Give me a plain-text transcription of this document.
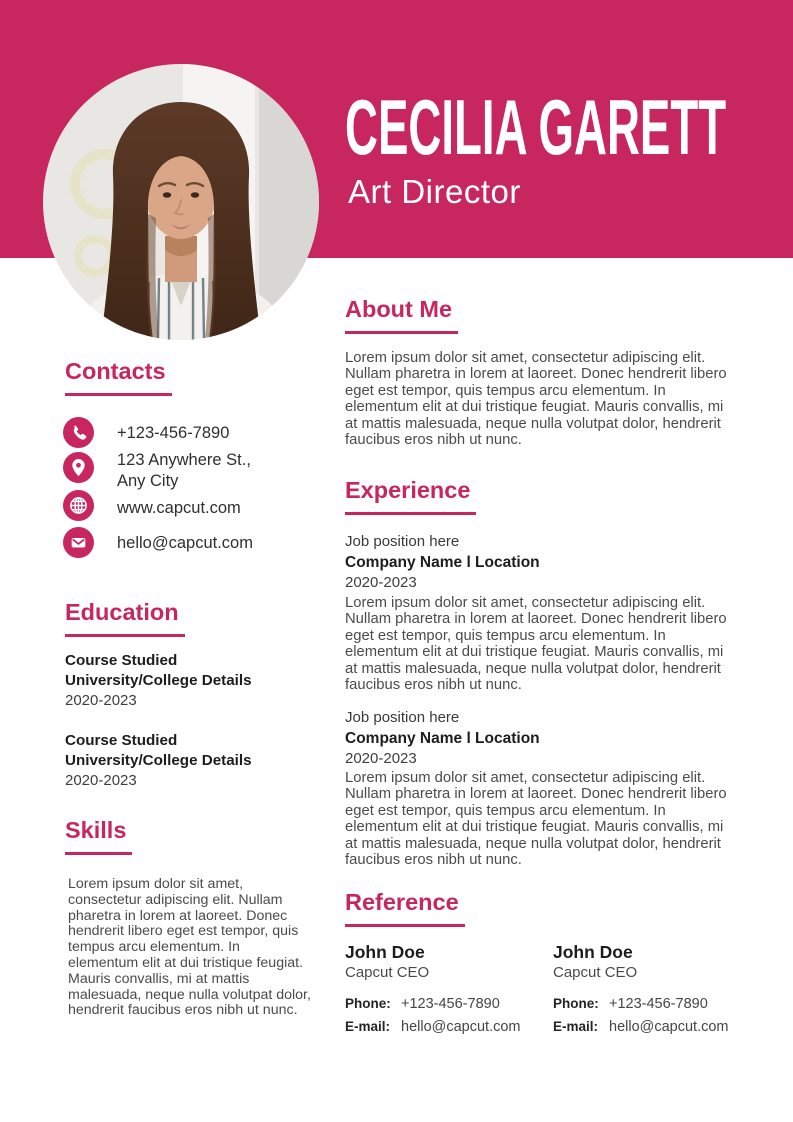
CECILIA GARETT
Art Director
Contacts
+123-456-7890
123 Anywhere St.,
Any City
www.capcut.com
hello@capcut.com
Education
Course Studied
University/College Details
2020-2023
Course Studied
University/College Details
2020-2023
Skills
Lorem ipsum dolor sit amet, consectetur adipiscing elit. Nullam pharetra in lorem at laoreet. Donec hendrerit libero eget est tempor, quis tempus arcu elementum. In elementum elit at dui tristique feugiat. Mauris convallis, mi at mattis malesuada, neque nulla volutpat dolor, hendrerit faucibus eros nibh ut nunc.
About Me
Lorem ipsum dolor sit amet, consectetur adipiscing elit. Nullam pharetra in lorem at laoreet. Donec hendrerit libero eget est tempor, quis tempus arcu elementum. In elementum elit at dui tristique feugiat. Mauris convallis, mi at mattis malesuada, neque nulla volutpat dolor, hendrerit faucibus eros nibh ut nunc.
Experience
Job position here
Company Name l Location
2020-2023
Lorem ipsum dolor sit amet, consectetur adipiscing elit. Nullam pharetra in lorem at laoreet. Donec hendrerit libero eget est tempor, quis tempus arcu elementum. In elementum elit at dui tristique feugiat. Mauris convallis, mi at mattis malesuada, neque nulla volutpat dolor, hendrerit faucibus eros nibh ut nunc.
Job position here
Company Name l Location
2020-2023
Lorem ipsum dolor sit amet, consectetur adipiscing elit. Nullam pharetra in lorem at laoreet. Donec hendrerit libero eget est tempor, quis tempus arcu elementum. In elementum elit at dui tristique feugiat. Mauris convallis, mi at mattis malesuada, neque nulla volutpat dolor, hendrerit faucibus eros nibh ut nunc.
Reference
John Doe
Capcut CEO
Phone: +123-456-7890
E-mail: hello@capcut.com
John Doe
Capcut CEO
Phone: +123-456-7890
E-mail: hello@capcut.com
